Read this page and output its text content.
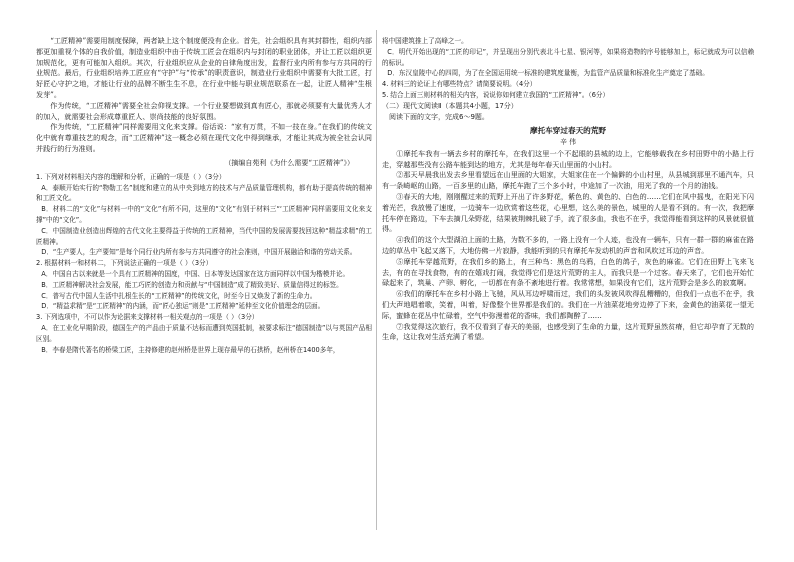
“工匠精神”需要用制度保障，两者缺上这个制度便没有企业。首先，社会组织具有其封群性，组织内部都更加重视个体的自我价值，制造业组织中由于传统工匠会在组织内与封闭的职业团体，并让工匠以组织更加规范化，更有可能加入组织。其次，行业组织应从企业的自律角度出发，监督行业内所有参与方共同的行业规范。最后，行业组织培养工匠应有“守护”与“传承”的职责意识，制造业行业组织中需要有大批工匠，打好匠心守护之地，才能让行业的品牌不断生生不息，在行业中能与职业规范联系在一起，让匠人精神“生根发芽”。

作为传统，“工匠精神”需要全社会仰视支撑。一个行业要想做到真有匠心，那就必须要有大量优秀人才的加入，就需要社会形成尊重匠人、崇尚技能的良好氛围。

作为传统，“工匠精神”同样需要用文化来支撑。俗话说：“家有万贯，不如一技在身。”在我们的传统文化中就有尊重技艺的观念，而“工匠精神”这一概念必须在现代文化中得到继承，才能让其成为被全社会认同并践行的行为准则。

（摘编自苑利《为什么需要“工匠精神”》）

1. 下列对材料相关内容的理解和分析，正确的一项是（ ）（3分）

A．泰顺开始实行的“物勒工名”制度和建立的从中央到地方的技术与产品质量管理机构，都有助于提高传统的精神和工匠文化。

B．材料二的“文化”与材料一中的“文化”有所不同，这里的“文化”有别于材料三“‘工匠精神’同样需要用文化来支撑”中的“文化”。

C．中国制造业创造出辉煌的古代文化主要得益于传统的工匠精神，当代中国的发展需要找回这种“精益求精”的工匠精神。

D．“生产要人，生产要知”是每个同行业内所有参与方共同遵守的社会准则，中国开展融洽和谐的劳动关系。

2. 根据材料一和材料二，下列说法正确的一项是（ ）（3分）

A．中国自古以来就是一个具有工匠精神的国度，中国、日本等发达国家在这方面同样以中国为楷模并论。

B．工匠精神解决社会发展，能工巧匠的创造力和贡献与“中国制造”成了精致美好、质量信得过的标签。

C．普写古代中国人生活中扎根生长的“工匠精神”的传统文化，时至今日又焕发了新的生命力。

D．“精益求精”是“工匠精神”的内涵，而“匠心独运”则是“工匠精神”延伸至文化价值理念的层面。

3. 下列选项中，不可以作为论据来支撑材料一相关观点的一项是（ ）（3分）

A．在工业化早期阶段，德国生产的产品由于质量不达标而遭到英国抵制，被要求标注“德国制造”以与英国产品相区别。

B．李春是隋代著名的桥梁工匠，主持修建的赵州桥是世界上现存最早的石拱桥，赵州桥在1400多年，

将中国建筑推上了高峰之一。

C．明代开始出现的“工匠的印记”，并呈现出分别代表北斗七星、银河等，如果将造物的序号能够加上，标记就成为可以信赖的标识。

D．东汉皇陵中心的四周，为了在全国运用统一标准的建筑度量衡，为监管产品质量和标准化生产奠定了基础。

4. 材料三的论证上有哪些特点？请简要说明。（4分）

5. 结合上面三则材料的相关内容，说说你如何建立我国的“工匠精神”。（6分）

（二）现代文阅读Ⅱ（本题共4小题，17分）

阅读下面的文字，完成6～9题。

摩托车穿过春天的荒野

辛 伟

①摩托车我有一辆去乡村的摩托车，在我们这里一个不起眼的县城的边上，它能够载我在乡村田野中的小路上行走，穿越那些没有公路车能到达的地方，尤其是每年春天山里面的小山村。

②那天早晨我出发去乡里看望远在山里面的大姐家，大姐家住在一个偏僻的小山村里，从县城到那里不通汽车，只有一条崎岖的山路，一百多里的山路，摩托车跑了三个多小时，中途加了一次油，用光了我的一个月的油钱。

③春天的大地，刚刚醒过来的荒野上开出了许多野花，紫色的、黄色的、白色的……它们在风中摇曳，在阳光下闪着光芒，我放慢了速度，一边骑车一边欣赏着这些花，心里想，这么美的景色，城里的人是看不到的。有一次，我把摩托车停在路边，下车去摘几朵野花，结果被荆棘扎破了手，流了很多血，我也不在乎，我觉得能看到这样的风景就很值得。

④我们的这个大型湖泊上面的土路，为数不多的，一路上没有一个人迹，也没有一辆车，只有一群一群的麻雀在路边的草丛中飞起又落下，大地仿佛一片寂静，我能听到的只有摩托车发动机的声音和风吹过耳边的声音。

⑤摩托车穿越荒野，在我们乡的路上，有三种鸟：黑色的乌鸦，白色的鸽子，灰色的麻雀。它们在田野上飞来飞去，有的在寻找食物，有的在嬉戏打闹，我觉得它们是这片荒野的主人，而我只是一个过客。春天来了，它们也开始忙碌起来了，筑巢、产卵、孵化，一切都在有条不紊地进行着。我常常想，如果没有它们，这片荒野会是多么的寂寞啊。

⑥我们的摩托车在乡村小路上飞驰，风从耳边呼啸而过，我们的头发被风吹得乱糟糟的，但我们一点也不在乎，我们大声地唱着歌，笑着，叫着，好像整个世界都是我们的。我们在一片油菜花地旁边停了下来，金黄色的油菜花一望无际，蜜蜂在花丛中忙碌着，空气中弥漫着花的香味，我们都陶醉了……

⑦我觉得这次旅行，我不仅看到了春天的美丽，也感受到了生命的力量，这片荒野虽然贫瘠，但它却孕育了无数的生命，这让我对生活充满了希望。
